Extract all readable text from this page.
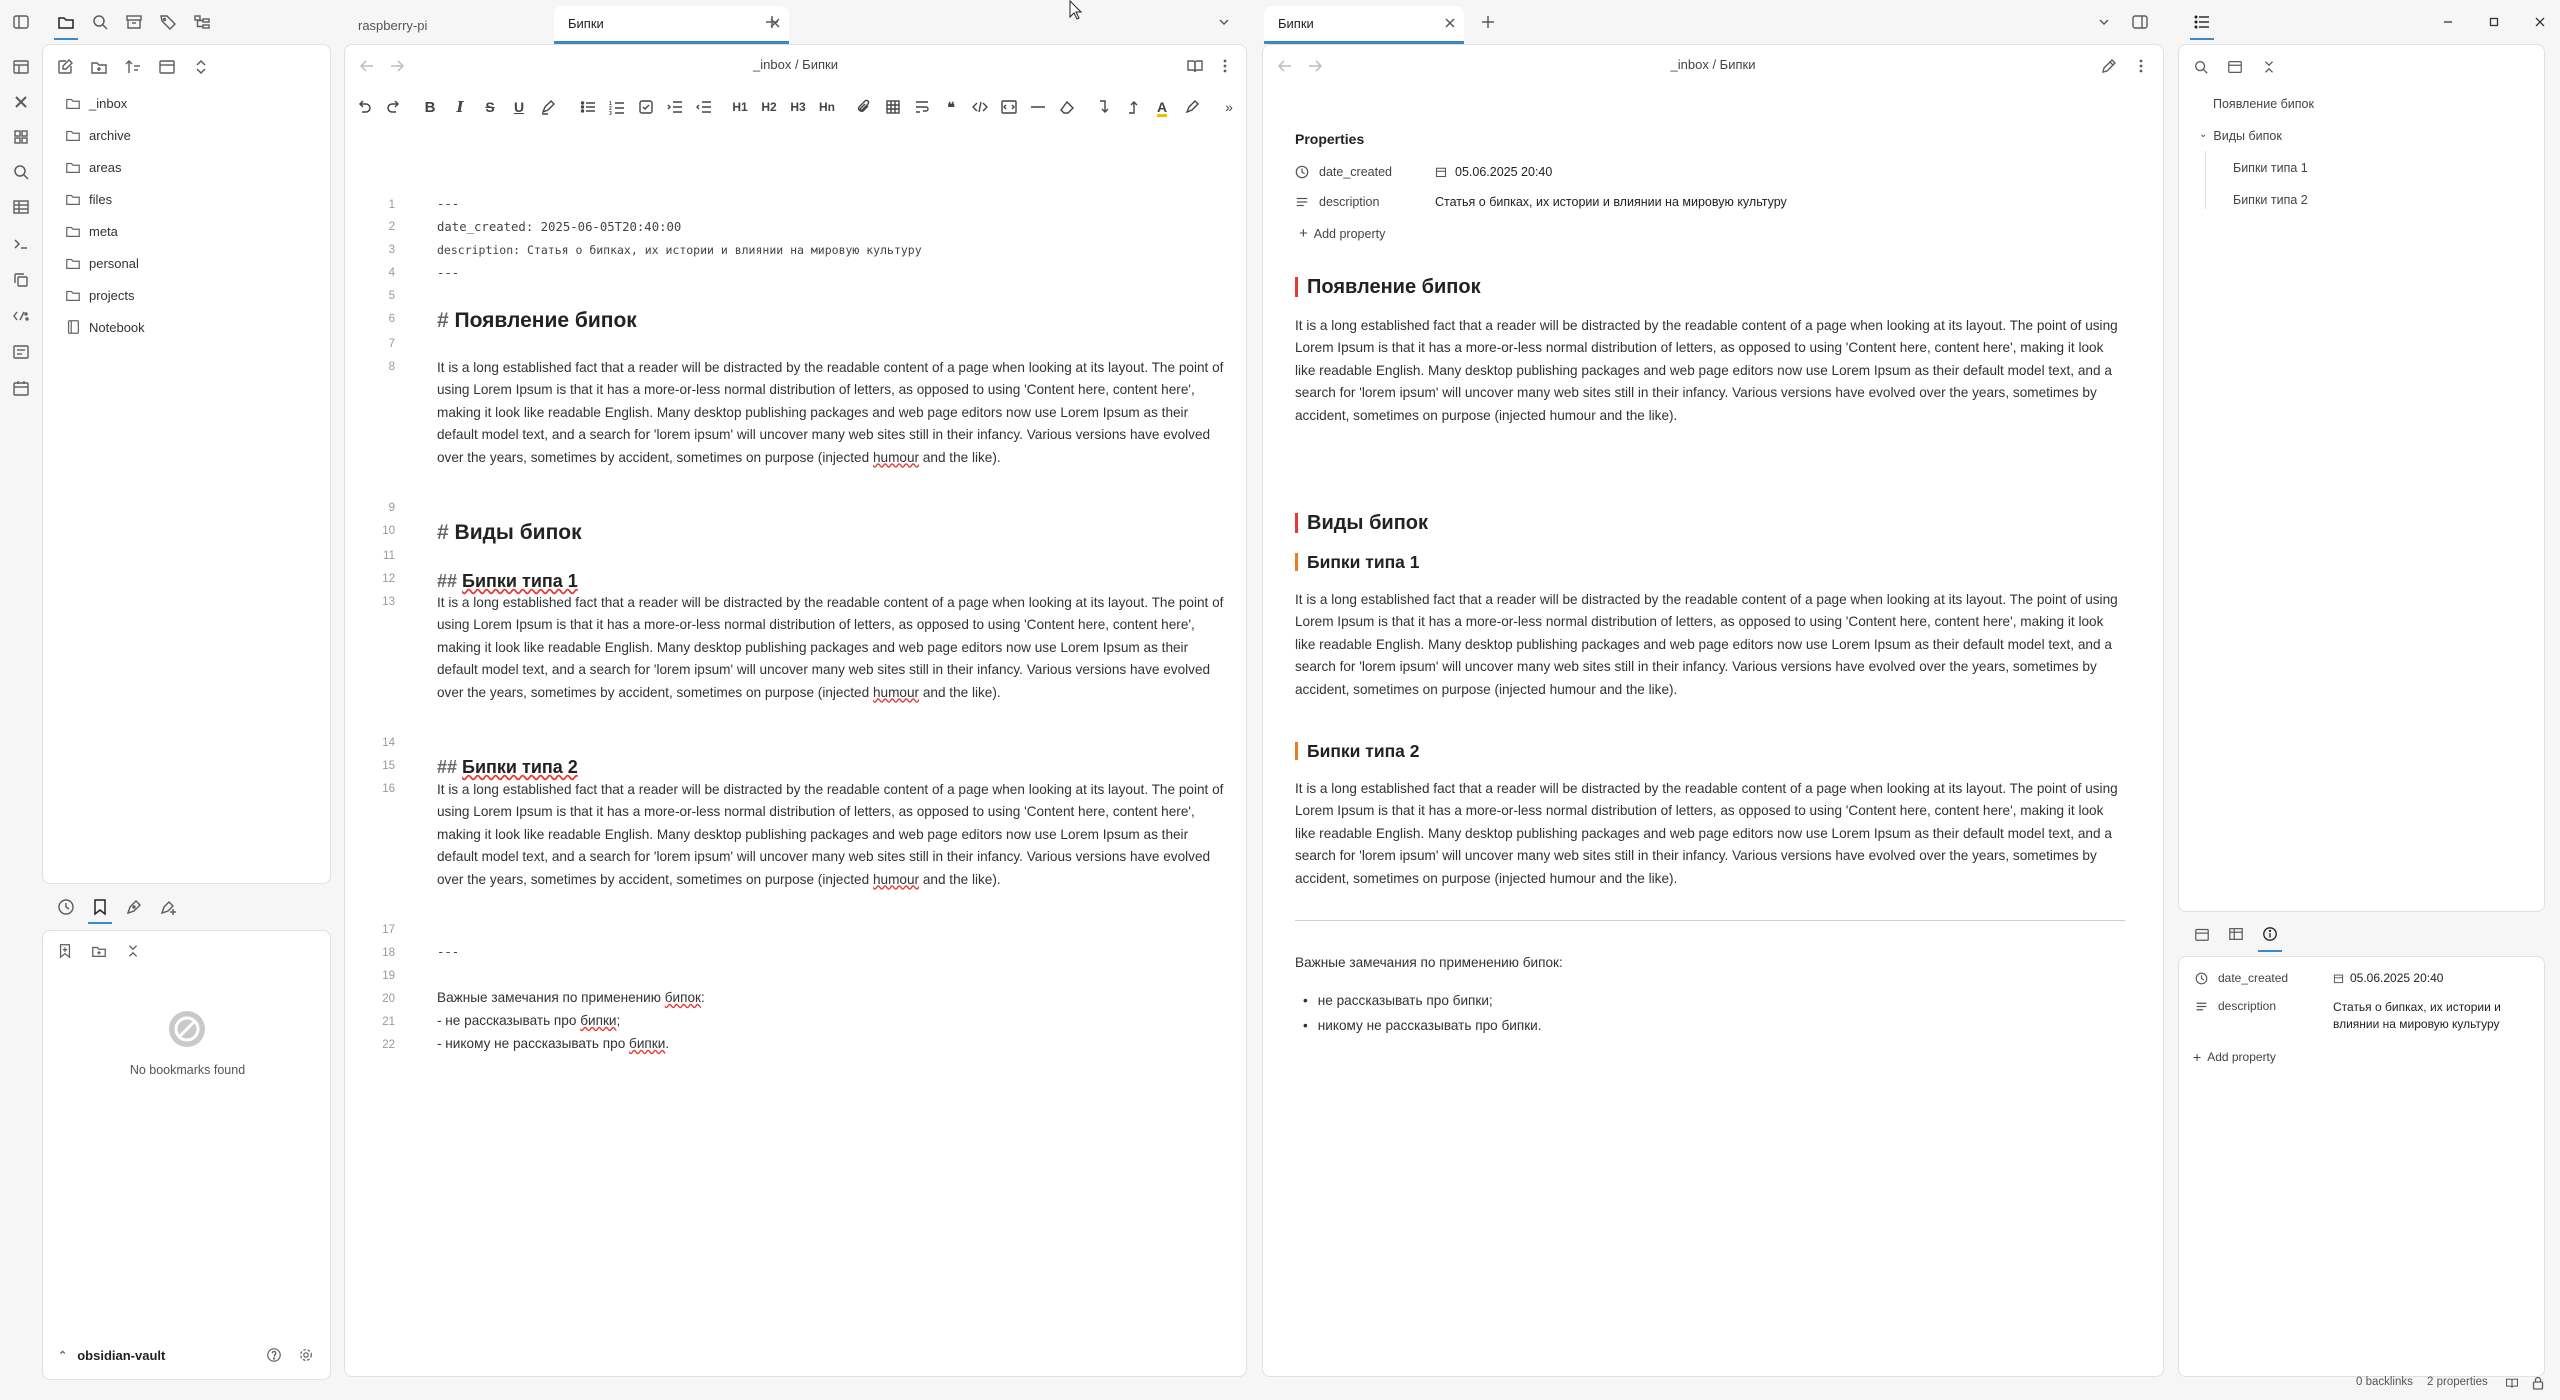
_inbox
archive
areas
files
meta
personal
projects
Notebook
No bookmarks found
⌃ obsidian-vault
raspberry-pi	Бипки
_inbox / Бипки
B	I	S	U	1
2
3	H1 H2 H3 Hn	❝	A	»
1	---
2	date_created: 2025-06-05T20:40:00
3	description: Статья о бипках, их истории и влиянии на мировую культуру
4	---
5
6 # Появление бипок
7
8	It is a long established fact that a reader will be distracted by the readable content of a page when looking at its layout. The point of using Lorem Ipsum is that it has a more-or-less normal distribution of letters, as opposed to using 'Content here, content here', making it look like readable English. Many desktop publishing packages and web page editors now use Lorem Ipsum as their default model text, and a search for 'lorem ipsum' will uncover many web sites still in their infancy. Various versions have evolved over the years, sometimes by accident, sometimes on purpose (injected humour and the like).
9
10 # Виды бипок
11
12 ## Бипки типа 1
13	It is a long established fact that a reader will be distracted by the readable content of a page when looking at its layout. The point of using Lorem Ipsum is that it has a more-or-less normal distribution of letters, as opposed to using 'Content here, content here', making it look like readable English. Many desktop publishing packages and web page editors now use Lorem Ipsum as their default model text, and a search for 'lorem ipsum' will uncover many web sites still in their infancy. Various versions have evolved over the years, sometimes by accident, sometimes on purpose (injected humour and the like).
14
15 ## Бипки типа 2
16	It is a long established fact that a reader will be distracted by the readable content of a page when looking at its layout. The point of using Lorem Ipsum is that it has a more-or-less normal distribution of letters, as opposed to using 'Content here, content here', making it look like readable English. Many desktop publishing packages and web page editors now use Lorem Ipsum as their default model text, and a search for 'lorem ipsum' will uncover many web sites still in their infancy. Various versions have evolved over the years, sometimes by accident, sometimes on purpose (injected humour and the like).
17
18	---
19
20	Важные замечания по применению бипок:
21	- не рассказывать про бипки;
22	- никому не рассказывать про бипки.
Бипки
_inbox / Бипки
Properties
date_created	05.06.2025 20:40
description	Статья о бипках, их истории и влиянии на мировую культуру
+ Add property
Появление бипок
It is a long established fact that a reader will be distracted by the readable content of a page when looking at its layout. The point of using Lorem Ipsum is that it has a more-or-less normal distribution of letters, as opposed to using 'Content here, content here', making it look like readable English. Many desktop publishing packages and web page editors now use Lorem Ipsum as their default model text, and a search for 'lorem ipsum' will uncover many web sites still in their infancy. Various versions have evolved over the years, sometimes by accident, sometimes on purpose (injected humour and the like).
Виды бипок
Бипки типа 1
It is a long established fact that a reader will be distracted by the readable content of a page when looking at its layout. The point of using Lorem Ipsum is that it has a more-or-less normal distribution of letters, as opposed to using 'Content here, content here', making it look like readable English. Many desktop publishing packages and web page editors now use Lorem Ipsum as their default model text, and a search for 'lorem ipsum' will uncover many web sites still in their infancy. Various versions have evolved over the years, sometimes by accident, sometimes on purpose (injected humour and the like).
Бипки типа 2
It is a long established fact that a reader will be distracted by the readable content of a page when looking at its layout. The point of using Lorem Ipsum is that it has a more-or-less normal distribution of letters, as opposed to using 'Content here, content here', making it look like readable English. Many desktop publishing packages and web page editors now use Lorem Ipsum as their default model text, and a search for 'lorem ipsum' will uncover many web sites still in their infancy. Various versions have evolved over the years, sometimes by accident, sometimes on purpose (injected humour and the like).
Важные замечания по применению бипок:
• не рассказывать про бипки;
• никому не рассказывать про бипки.
Появление бипок
⌄ Виды бипок
Бипки типа 1
Бипки типа 2
date_created	05.06.2025 20:40
description	Статья о бипках, их истории и влиянии на мировую культуру
+ Add property
0 backlinks 2 properties
